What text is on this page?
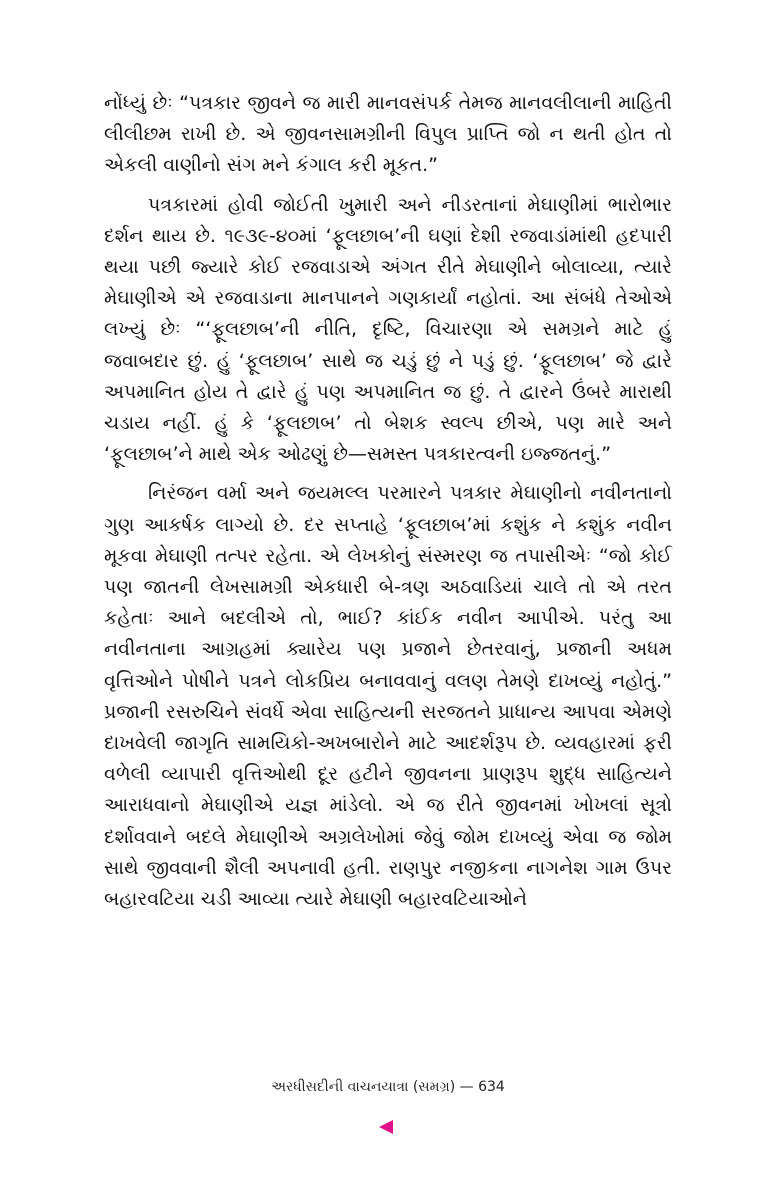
નોંધ્યું છેઃ “પત્રકાર જીવને જ મારી માનવસંપર્ક તેમજ માનવલીલાની માહિતી લીલીછમ રાખી છે. એ જીવનસામગ્રીની વિપુલ પ્રાપ્તિ જો ન થતી હોત તો એકલી વાણીનો સંગ મને કંગાલ કરી મૂકત.”

પત્રકારમાં હોવી જોઈતી ખુમારી અને નીડરતાનાં મેઘાણીમાં ભારોભાર દર્શન થાય છે. ૧૯૩૯-૪૦માં ‘ફૂલછાબ’ની ઘણાં દેશી રજવાડાંમાંથી હદપારી થયા પછી જ્યારે કોઈ રજવાડાએ અંગત રીતે મેઘાણીને બોલાવ્યા, ત્યારે મેઘાણીએ એ રજવાડાના માનપાનને ગણકાર્યાં નહોતાં. આ સંબંધે તેઓએ લખ્યું છેઃ “‘ફૂલછાબ’ની નીતિ, દૃષ્ટિ, વિચારણા એ સમગ્રને માટે હું જવાબદાર છું. હું ‘ફૂલછાબ’ સાથે જ ચડું છું ને પડું છું. ‘ફૂલછાબ’ જે દ્વારે અપમાનિત હોય તે દ્વારે હું પણ અપમાનિત જ છું. તે દ્વારને ઉંબરે મારાથી ચડાય નહીં. હું કે ‘ફૂલછાબ’ તો બેશક સ્વલ્પ છીએ, પણ મારે અને ‘ફૂલછાબ’ને માથે એક ઓઢણું છે—સમસ્ત પત્રકારત્વની ઇજ્જતનું.”

નિરંજન વર્મા અને જયમલ્લ પરમારને પત્રકાર મેઘાણીનો નવીનતાનો ગુણ આકર્ષક લાગ્યો છે. દર સપ્તાહે ‘ફૂલછાબ’માં કશુંક ને કશુંક નવીન મૂકવા મેઘાણી તત્પર રહેતા. એ લેખકોનું સંસ્મરણ જ તપાસીએઃ “જો કોઈ પણ જાતની લેખસામગ્રી એકધારી બે-ત્રણ અઠવાડિયાં ચાલે તો એ તરત કહેતાઃ આને બદલીએ તો, ભાઈ? કાંઈક નવીન આપીએ. પરંતુ આ નવીનતાના આગ્રહમાં ક્યારેય પણ પ્રજાને છેતરવાનું, પ્રજાની અધમ વૃત્તિઓને પોષીને પત્રને લોકપ્રિય બનાવવાનું વલણ તેમણે દાખવ્યું નહોતું.” પ્રજાની રસરુચિને સંવર્ધે એવા સાહિત્યની સરજતને પ્રાધાન્ય આપવા એમણે દાખવેલી જાગૃતિ સામયિકો-અખબારોને માટે આદર્શરૂપ છે. વ્યવહારમાં ફરી વળેલી વ્યાપારી વૃત્તિઓથી દૂર હટીને જીવનના પ્રાણરૂપ શુદ્ધ સાહિત્યને આરાધવાનો મેઘાણીએ યજ્ઞ માંડેલો. એ જ રીતે જીવનમાં ખોખલાં સૂત્રો દર્શાવવાને બદલે મેઘાણીએ અગ્રલેખોમાં જેવું જોમ દાખવ્યું એવા જ જોમ સાથે જીવવાની શૈલી અપનાવી હતી. રાણપુર નજીકના નાગનેશ ગામ ઉપર બહારવટિયા ચડી આવ્યા ત્યારે મેઘાણી બહારવટિયાઓને

અરધીસદીની વાચનયાત્રા (સમગ્ર) — 634
